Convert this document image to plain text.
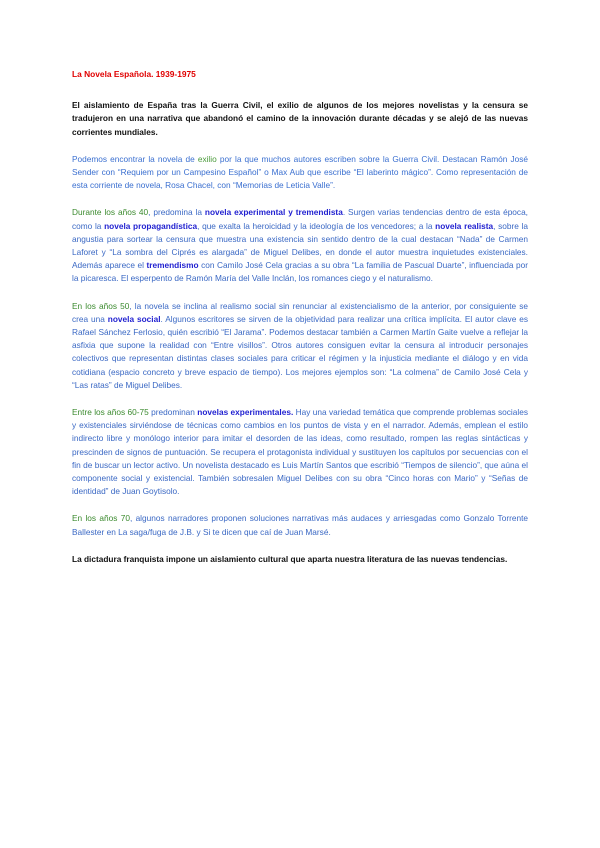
La Novela Española. 1939-1975
El aislamiento de España tras la Guerra Civil, el exilio de algunos de los mejores novelistas y la censura se tradujeron en una narrativa que abandonó el camino de la innovación durante décadas y se alejó de las nuevas corrientes mundiales.
Podemos encontrar la novela de exilio por la que muchos autores escriben sobre la Guerra Civil. Destacan Ramón José Sender con “Requiem por un Campesino Español” o Max Aub que escribe “El laberinto mágico”. Como representación de esta corriente de novela, Rosa Chacel, con “Memorias de Leticia Valle”.
Durante los años 40, predomina la novela experimental y tremendista. Surgen varias tendencias dentro de esta época, como la novela propagandística, que exalta la heroicidad y la ideología de los vencedores; a la novela realista, sobre la angustia para sortear la censura que muestra una existencia sin sentido dentro de la cual destacan “Nada” de Carmen Laforet y “La sombra del Ciprés es alargada” de Miguel Delibes, en donde el autor muestra inquietudes existenciales. Además aparece el tremendismo con Camilo José Cela gracias a su obra “La familia de Pascual Duarte”, influenciada por la picaresca. El esperpento de Ramón María del Valle Inclán, los romances ciego y el naturalismo.
En los años 50, la novela se inclina al realismo social sin renunciar al existencialismo de la anterior, por consiguiente se crea una novela social. Algunos escritores se sirven de la objetividad para realizar una crítica implícita. El autor clave es Rafael Sánchez Ferlosio, quién escribió “El Jarama”. Podemos destacar también a Carmen Martín Gaite vuelve a reflejar la asfixia que supone la realidad con “Entre visillos”. Otros autores consiguen evitar la censura al introducir personajes colectivos que representan distintas clases sociales para criticar el régimen y la injusticia mediante el diálogo y en vida cotidiana (espacio concreto y breve espacio de tiempo). Los mejores ejemplos son: “La colmena” de Camilo José Cela y “Las ratas” de Miguel Delibes.
Entre los años 60-75 predominan novelas experimentales. Hay una variedad temática que comprende problemas sociales y existenciales sirviéndose de técnicas como cambios en los puntos de vista y en el narrador. Además, emplean el estilo indirecto libre y monólogo interior para imitar el desorden de las ideas, como resultado, rompen las reglas sintácticas y prescinden de signos de puntuación. Se recupera el protagonista individual y sustituyen los capítulos por secuencias con el fin de buscar un lector activo. Un novelista destacado es Luis Martín Santos que escribió “Tiempos de silencio”, que aúna el componente social y existencial. También sobresalen Miguel Delibes con su obra “Cinco horas con Mario” y “Señas de identidad” de Juan Goytisolo.
En los años 70, algunos narradores proponen soluciones narrativas más audaces y arriesgadas como Gonzalo Torrente Ballester en La saga/fuga de J.B. y Si te dicen que caí de Juan Marsé.
La dictadura franquista impone un aislamiento cultural que aparta nuestra literatura de las nuevas tendencias.
